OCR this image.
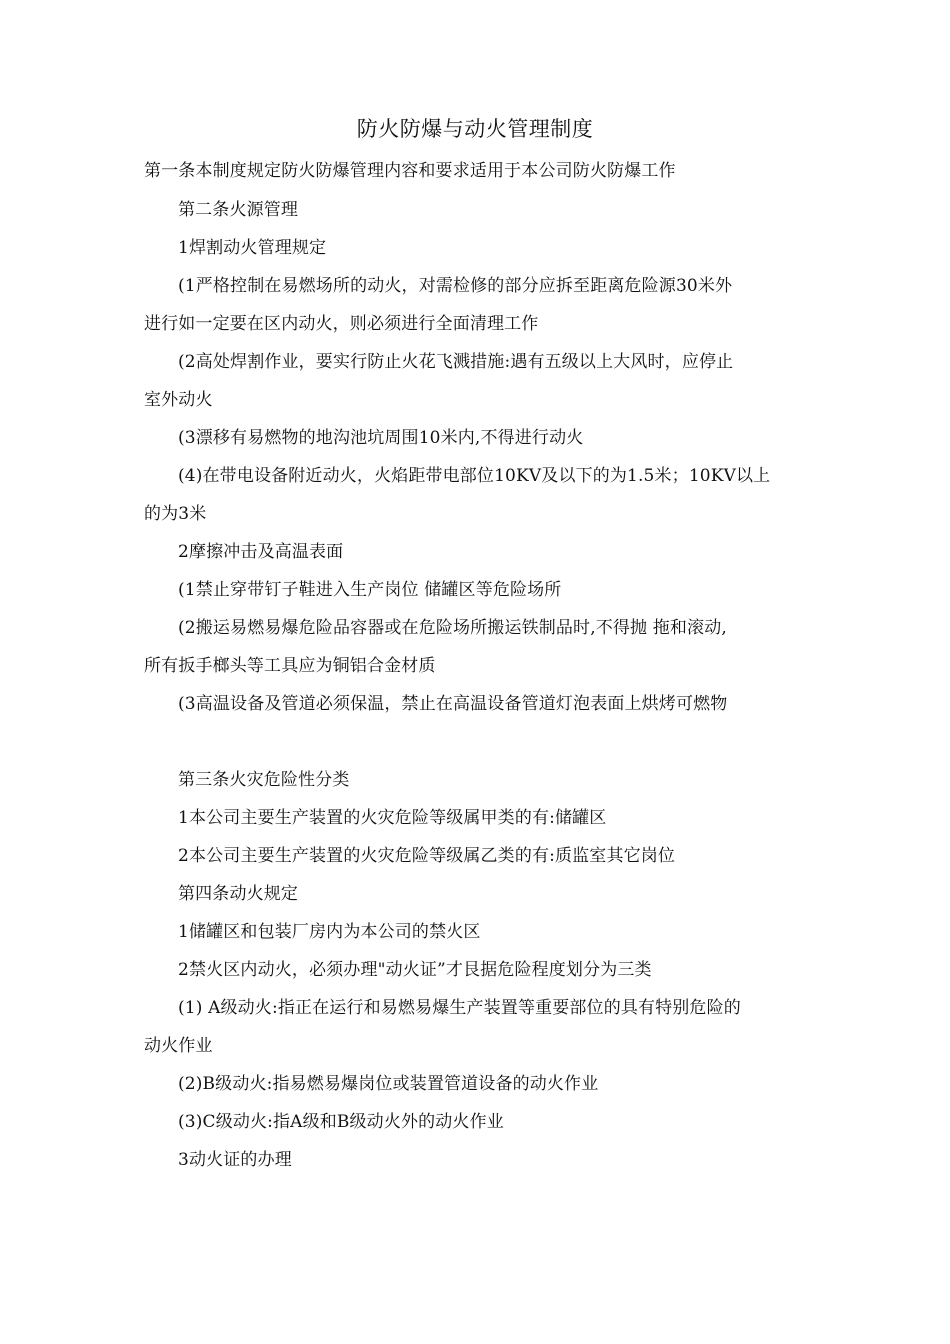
防火防爆与动火管理制度
第一条本制度规定防火防爆管理内容和要求适用于本公司防火防爆工作
第二条火源管理
1焊割动火管理规定
(1严格控制在易燃场所的动火，对需检修的部分应拆至距离危险源30米外
进行如一定要在区内动火，则必须进行全面清理工作
(2高处焊割作业，要实行防止火花飞溅措施:遇有五级以上大风时，应停止
室外动火
(3漂移有易燃物的地沟池坑周围10米内,不得进行动火
(4)在带电设备附近动火，火焰距带电部位10KV及以下的为1.5米；10KV以上
的为3米
2摩擦冲击及高温表面
(1禁止穿带钉子鞋进入生产岗位 储罐区等危险场所
(2搬运易燃易爆危险品容器或在危险场所搬运铁制品时,不得抛 拖和滚动,
所有扳手榔头等工具应为铜铝合金材质
(3高温设备及管道必须保温，禁止在高温设备管道灯泡表面上烘烤可燃物
第三条火灾危险性分类
1本公司主要生产装置的火灾危险等级属甲类的有:储罐区
2本公司主要生产装置的火灾危险等级属乙类的有:质监室其它岗位
第四条动火规定
1储罐区和包装厂房内为本公司的禁火区
2禁火区内动火，必须办理"动火证”才艮据危险程度划分为三类
(1) A级动火:指正在运行和易燃易爆生产装置等重要部位的具有特别危险的
动火作业
(2)B级动火:指易燃易爆岗位或装置管道设备的动火作业
(3)C级动火:指A级和B级动火外的动火作业
3动火证的办理
